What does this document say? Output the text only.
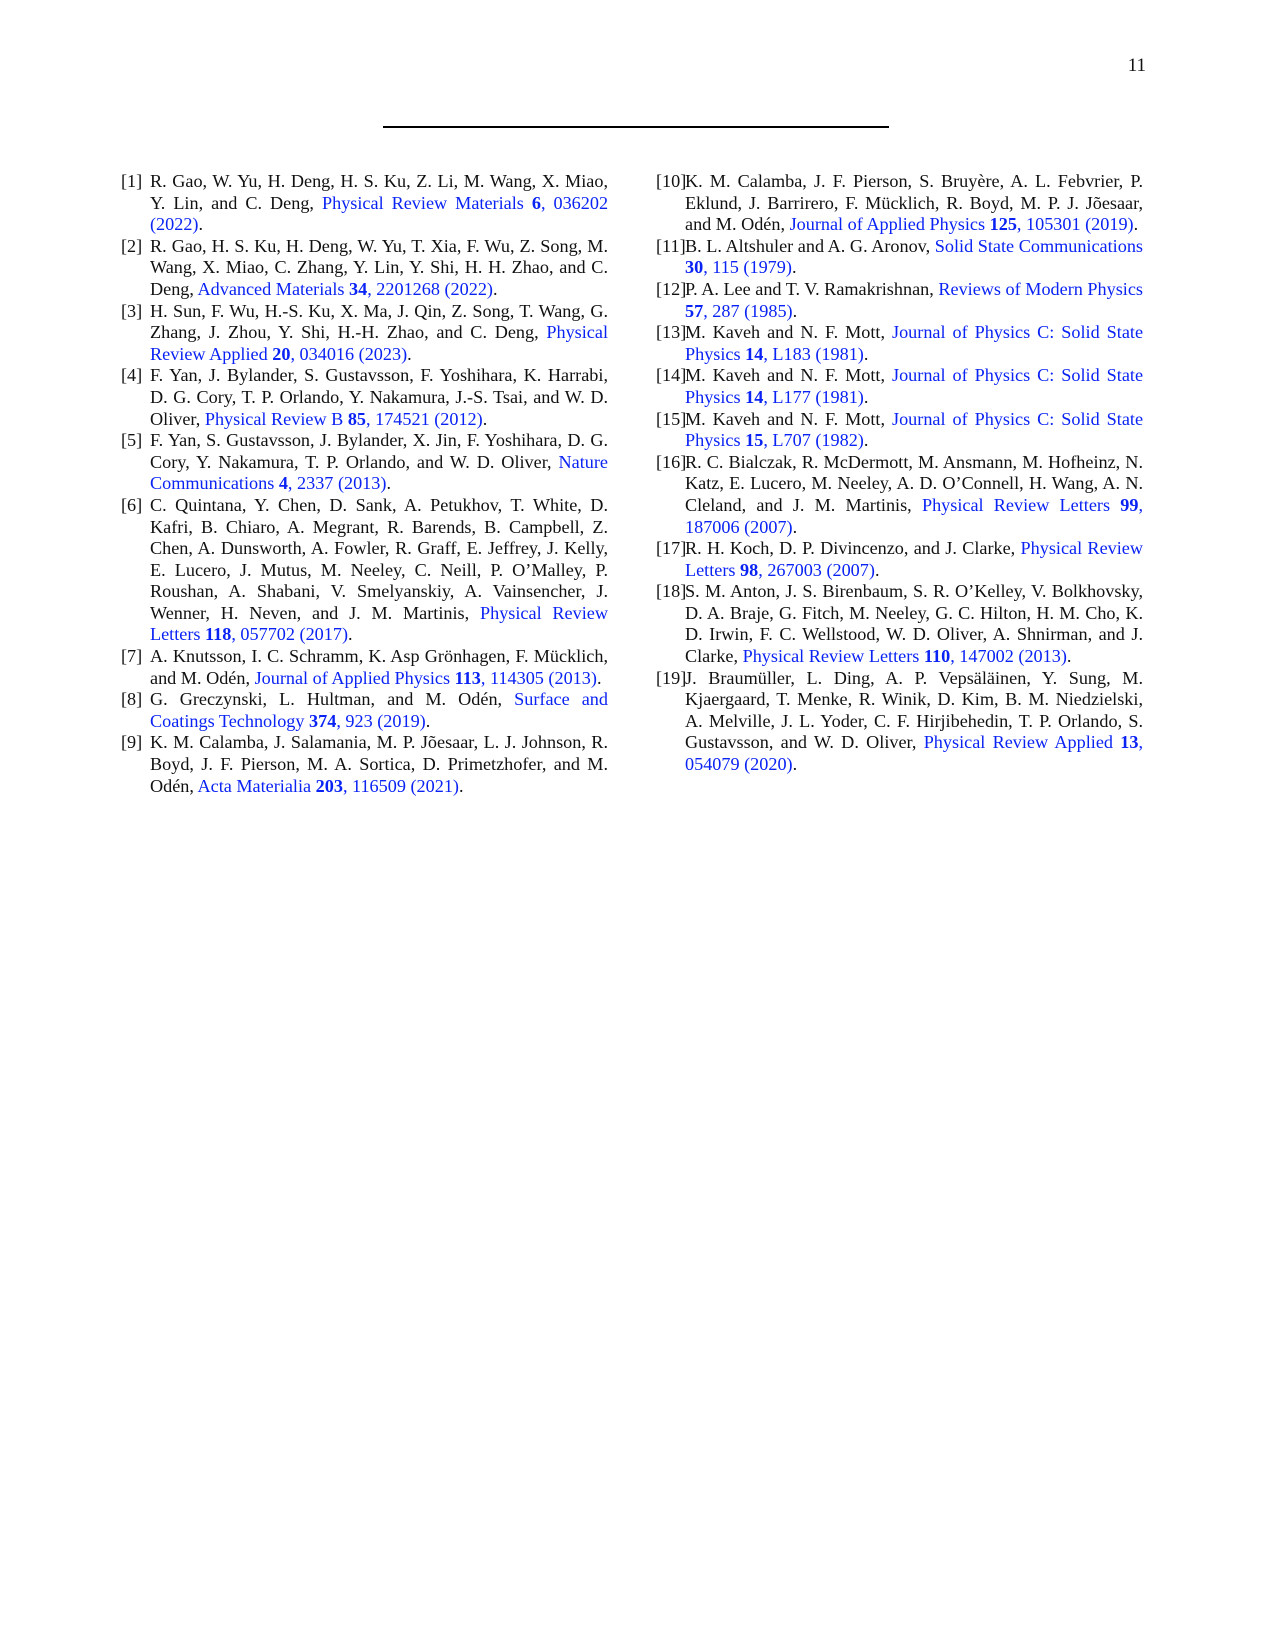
11
[1] R. Gao, W. Yu, H. Deng, H. S. Ku, Z. Li, M. Wang, X. Miao, Y. Lin, and C. Deng, Physical Review Materials 6, 036202 (2022).
[2] R. Gao, H. S. Ku, H. Deng, W. Yu, T. Xia, F. Wu, Z. Song, M. Wang, X. Miao, C. Zhang, Y. Lin, Y. Shi, H. H. Zhao, and C. Deng, Advanced Materials 34, 2201268 (2022).
[3] H. Sun, F. Wu, H.-S. Ku, X. Ma, J. Qin, Z. Song, T. Wang, G. Zhang, J. Zhou, Y. Shi, H.-H. Zhao, and C. Deng, Physical Review Applied 20, 034016 (2023).
[4] F. Yan, J. Bylander, S. Gustavsson, F. Yoshihara, K. Harrabi, D. G. Cory, T. P. Orlando, Y. Nakamura, J.-S. Tsai, and W. D. Oliver, Physical Review B 85, 174521 (2012).
[5] F. Yan, S. Gustavsson, J. Bylander, X. Jin, F. Yoshihara, D. G. Cory, Y. Nakamura, T. P. Orlando, and W. D. Oliver, Nature Communications 4, 2337 (2013).
[6] C. Quintana, Y. Chen, D. Sank, A. Petukhov, T. White, D. Kafri, B. Chiaro, A. Megrant, R. Barends, B. Campbell, Z. Chen, A. Dunsworth, A. Fowler, R. Graff, E. Jeffrey, J. Kelly, E. Lucero, J. Mutus, M. Neeley, C. Neill, P. O’Malley, P. Roushan, A. Shabani, V. Smelyanskiy, A. Vainsencher, J. Wenner, H. Neven, and J. M. Martinis, Physical Review Letters 118, 057702 (2017).
[7] A. Knutsson, I. C. Schramm, K. Asp Grönhagen, F. Mücklich, and M. Odén, Journal of Applied Physics 113, 114305 (2013).
[8] G. Greczynski, L. Hultman, and M. Odén, Surface and Coatings Technology 374, 923 (2019).
[9] K. M. Calamba, J. Salamania, M. P. Jõesaar, L. J. Johnson, R. Boyd, J. F. Pierson, M. A. Sortica, D. Primetzhofer, and M. Odén, Acta Materialia 203, 116509 (2021).
[10]
K. M. Calamba, J. F. Pierson, S. Bruyère, A. L. Febvrier, P. Eklund, J. Barrirero, F. Mücklich, R. Boyd, M. P. J. Jõesaar, and M. Odén, Journal of Applied Physics 125, 105301 (2019).
[11] B. L. Altshuler and A. G. Aronov, Solid State Communications 30, 115 (1979).
[12]
P. A. Lee and T. V. Ramakrishnan, Reviews of Modern Physics 57, 287 (1985).
[13]
M. Kaveh and N. F. Mott, Journal of Physics C: Solid State Physics 14, L183 (1981).
[14]
M. Kaveh and N. F. Mott, Journal of Physics C: Solid State Physics 14, L177 (1981).
[15]
M. Kaveh and N. F. Mott, Journal of Physics C: Solid State Physics 15, L707 (1982).
[16]
R. C. Bialczak, R. McDermott, M. Ansmann, M. Hofheinz, N. Katz, E. Lucero, M. Neeley, A. D. O’Connell, H. Wang, A. N. Cleland, and J. M. Martinis, Physical Review Letters 99, 187006 (2007).
[17]
R. H. Koch, D. P. Divincenzo, and J. Clarke, Physical Review Letters 98, 267003 (2007).
[18]
S. M. Anton, J. S. Birenbaum, S. R. O’Kelley, V. Bolkhovsky, D. A. Braje, G. Fitch, M. Neeley, G. C. Hilton, H. M. Cho, K. D. Irwin, F. C. Wellstood, W. D. Oliver, A. Shnirman, and J. Clarke, Physical Review Letters 110, 147002 (2013).
[19]
J. Braumüller, L. Ding, A. P. Vepsäläinen, Y. Sung, M. Kjaergaard, T. Menke, R. Winik, D. Kim, B. M. Niedzielski, A. Melville, J. L. Yoder, C. F. Hirjibehedin, T. P. Orlando, S. Gustavsson, and W. D. Oliver, Physical Review Applied 13, 054079 (2020).
